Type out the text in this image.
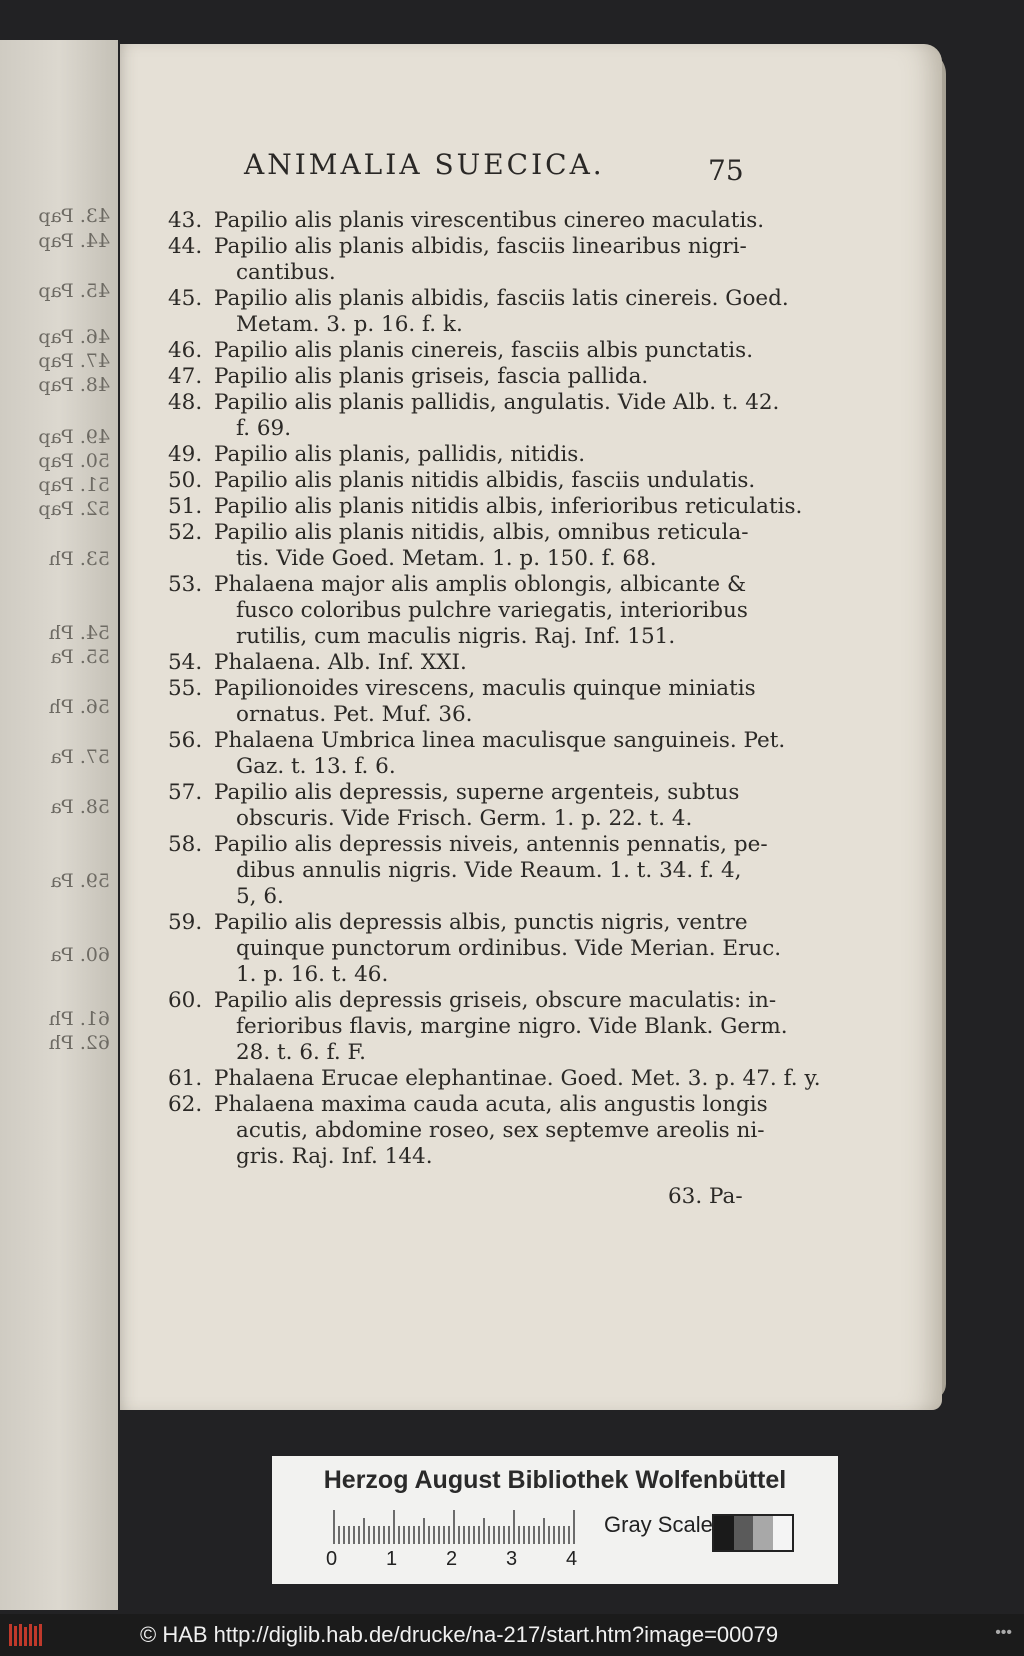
43. Pap
44. Pap
45. Pap
46. Pap
47. Pap
48. Pap
49. Pap
50. Pap
51. Pap
52. Pap
53. Ph
54. Ph
55. Pa
56. Ph
57. Pa
58. Pa
59. Pa
60. Pa
61. Ph
62. Ph
ANIMALIA SUECICA.	75
43. Papilio alis planis virescentibus cinereo maculatis.
44. Papilio alis planis albidis, fasciis linearibus nigri-
cantibus.
45. Papilio alis planis albidis, fasciis latis cinereis. Goed.
Metam. 3. p. 16. f. k.
46. Papilio alis planis cinereis, fasciis albis punctatis.
47. Papilio alis planis griseis, fascia pallida.
48. Papilio alis planis pallidis, angulatis. Vide Alb. t. 42.
f. 69.
49. Papilio alis planis, pallidis, nitidis.
50. Papilio alis planis nitidis albidis, fasciis undulatis.
51. Papilio alis planis nitidis albis, inferioribus reticulatis.
52. Papilio alis planis nitidis, albis, omnibus reticula-
tis. Vide Goed. Metam. 1. p. 150. f. 68.
53. Phalaena major alis amplis oblongis, albicante &
fusco coloribus pulchre variegatis, interioribus
rutilis, cum maculis nigris. Raj. Inf. 151.
54. Phalaena. Alb. Inf. XXI.
55. Papilionoides virescens, maculis quinque miniatis
ornatus. Pet. Muf. 36.
56. Phalaena Umbrica linea maculisque sanguineis. Pet.
Gaz. t. 13. f. 6.
57. Papilio alis depressis, superne argenteis, subtus
obscuris. Vide Frisch. Germ. 1. p. 22. t. 4.
58. Papilio alis depressis niveis, antennis pennatis, pe-
dibus annulis nigris. Vide Reaum. 1. t. 34. f. 4,
5, 6.
59. Papilio alis depressis albis, punctis nigris, ventre
quinque punctorum ordinibus. Vide Merian. Eruc.
1. p. 16. t. 46.
60. Papilio alis depressis griseis, obscure maculatis: in-
ferioribus flavis, margine nigro. Vide Blank. Germ.
28. t. 6. f. F.
61. Phalaena Erucae elephantinae. Goed. Met. 3. p. 47. f. y.
62. Phalaena maxima cauda acuta, alis angustis longis
acutis, abdomine roseo, sex septemve areolis ni-
gris. Raj. Inf. 144.
63. Pa-
Herzog August Bibliothek Wolfenbüttel
0 1 2 3 4
Gray Scale
© HAB http://diglib.hab.de/drucke/na-217/start.htm?image=00079	•••
